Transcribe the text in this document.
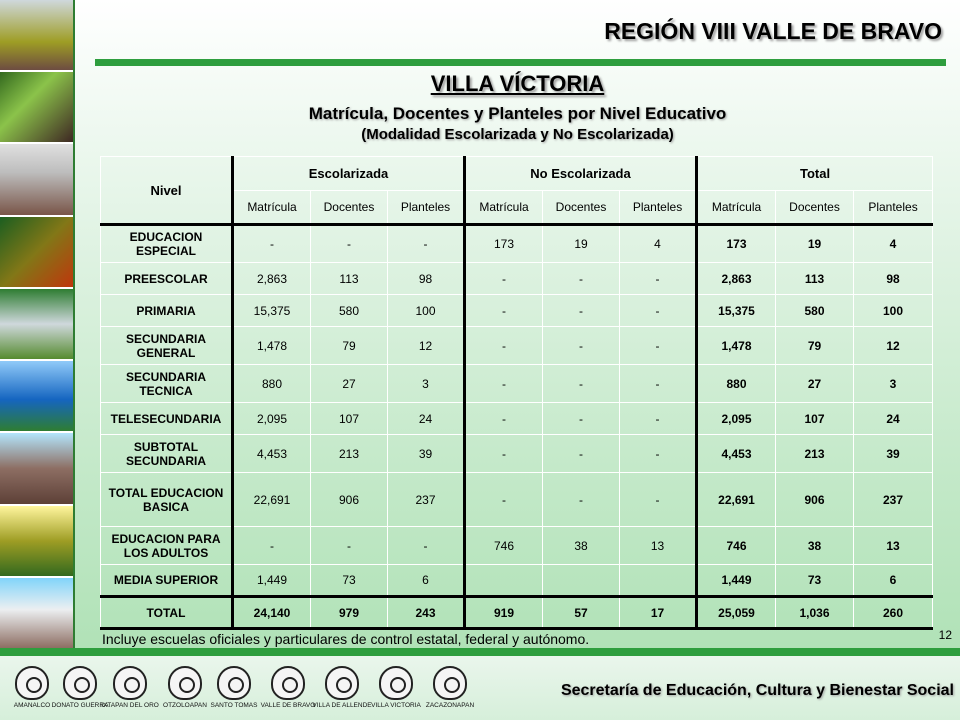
REGIÓN VIII VALLE DE BRAVO
VILLA VÍCTORIA
Matrícula, Docentes y Planteles por Nivel Educativo
(Modalidad Escolarizada y No Escolarizada)
Nivel	Escolarizada			No Escolarizada			Total		
	Matrícula	Docentes	Planteles	Matrícula	Docentes	Planteles	Matrícula	Docentes	Planteles
EDUCACION ESPECIAL	-	-	-	173	19	4	173	19	4
PREESCOLAR	2,863	113	98	-	-	-	2,863	113	98
PRIMARIA	15,375	580	100	-	-	-	15,375	580	100
SECUNDARIA GENERAL	1,478	79	12	-	-	-	1,478	79	12
SECUNDARIA TECNICA	880	27	3	-	-	-	880	27	3
TELESECUNDARIA	2,095	107	24	-	-	-	2,095	107	24
SUBTOTAL SECUNDARIA	4,453	213	39	-	-	-	4,453	213	39
TOTAL EDUCACION BASICA	22,691	906	237	-	-	-	22,691	906	237
EDUCACION PARA LOS ADULTOS	-	-	-	746	38	13	746	38	13
MEDIA SUPERIOR	1,449	73	6				1,449	73	6
TOTAL	24,140	979	243	919	57	17	25,059	1,036	260
Incluye escuelas oficiales y particulares de control estatal, federal y autónomo.	12
AMANALCO DONATO GUERRA
IXTAPAN DEL ORO OTZOLOAPAN SANTO TOMAS VALLE DE BRAVO
VILLA DE ALLENDE VILLA VICTORIA ZACAZONAPAN
Secretaría de Educación, Cultura y Bienestar Social
